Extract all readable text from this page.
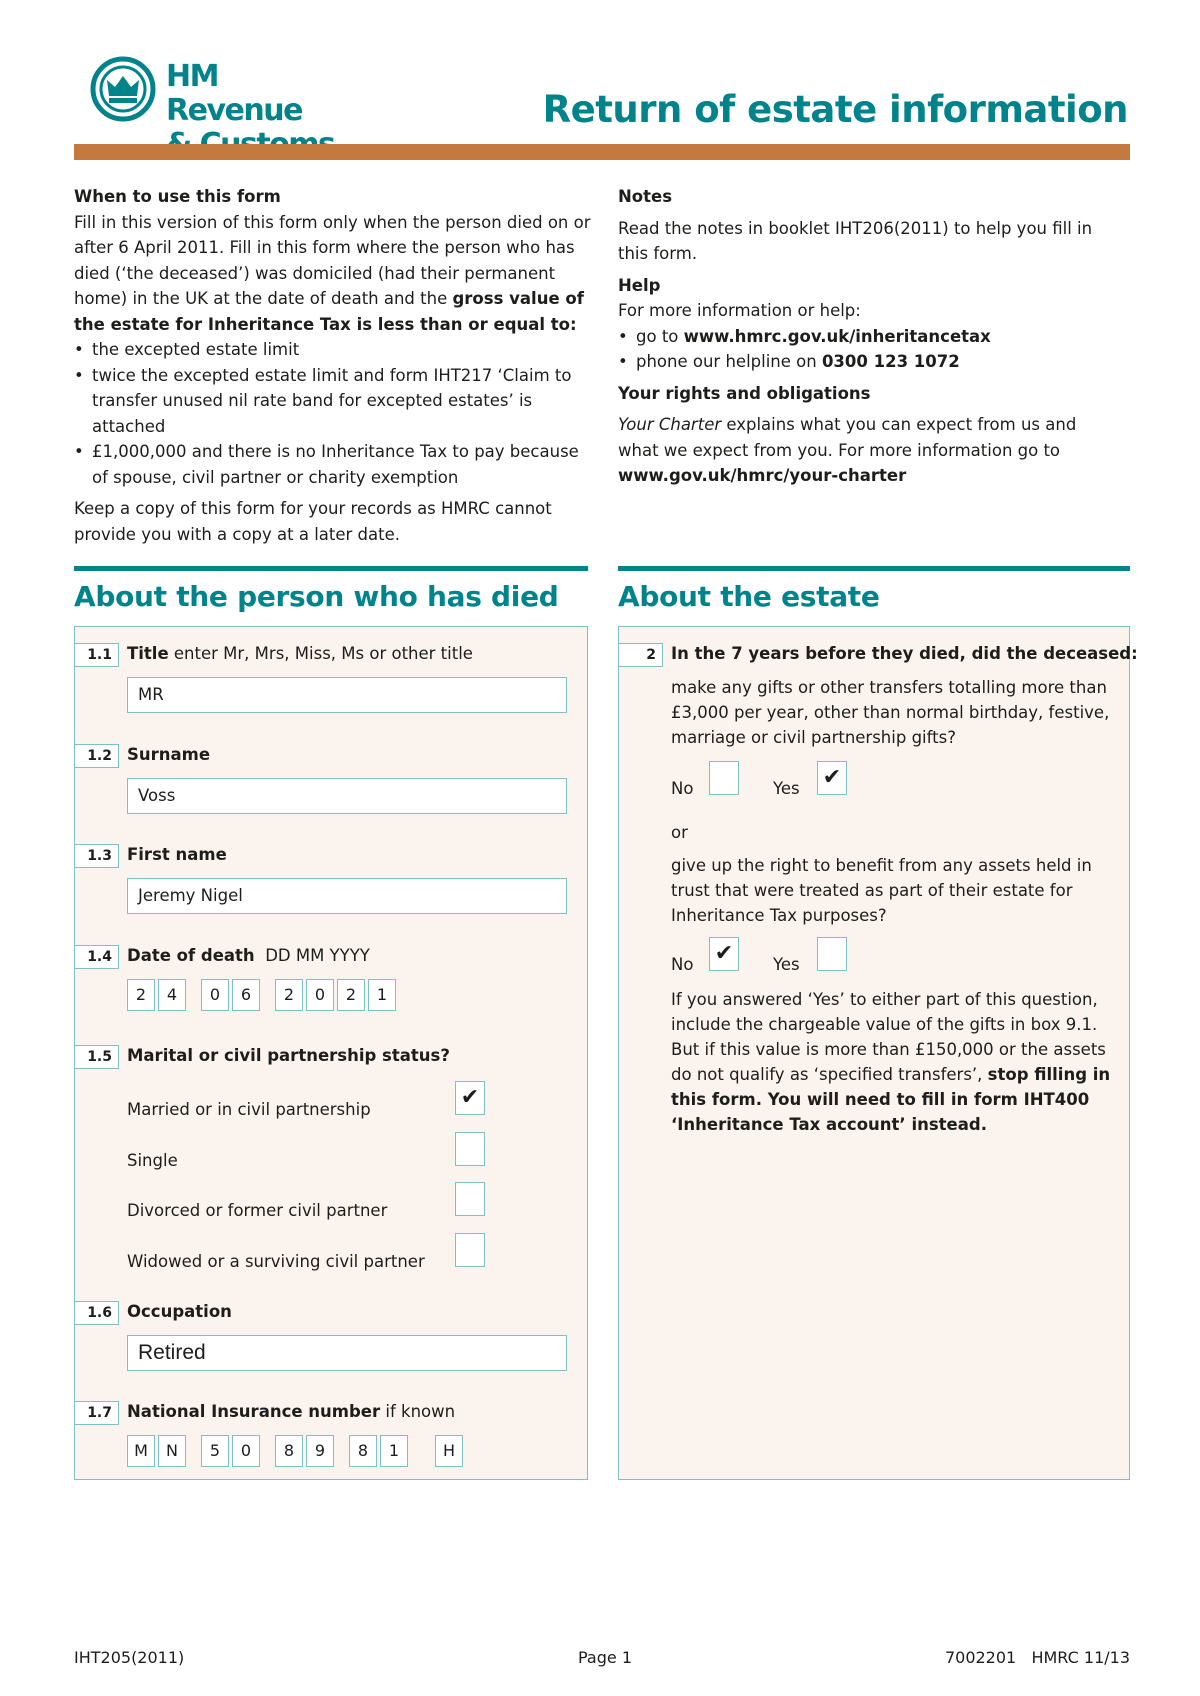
HM Revenue	Return of estate information
When to use this form

Fill in this version of this form only when the person died on or after 6 April 2011. Fill in this form where the person who has died (‘the deceased’) was domiciled (had their permanent home) in the UK at the date of death and the gross value of the estate for Inheritance Tax is less than or equal to:

• the excepted estate limit
• twice the excepted estate limit and form IHT217 ‘Claim to transfer unused nil rate band for excepted estates’ is attached
• £1,000,000 and there is no Inheritance Tax to pay because of spouse, civil partner or charity exemption

Keep a copy of this form for your records as HMRC cannot provide you with a copy at a later date.

Notes

Read the notes in booklet IHT206(2011) to help you fill in this form.

Help

For more information or help:

• go to www.hmrc.gov.uk/inheritancetax
• phone our helpline on 0300 123 1072
Your rights and obligations

Your Charter explains what you can expect from us and what we expect from you. For more information go to www.gov.uk/hmrc/your-charter

About the person who has died
1.1 Title enter Mr, Mrs, Miss, Ms or other title
MR
1.2 Surname
Voss
1.3 First name
Jeremy Nigel
1.4 Date of death DD MM YYYY
2	4	0	6	2	0	2	1
1.5 Marital or civil partnership status?
Married or in civil partnership	✔
Single
Divorced or former civil partner
Widowed or a surviving civil partner
1.6 Occupation
Retired
1.7 National Insurance number if known
M	N	5	0	8	9	8	1	H
About the estate
2 In the 7 years before they died, did the deceased:
make any gifts or other transfers totalling more than £3,000 per year, other than normal birthday, festive, marriage or civil partnership gifts?
No	Yes ✔
or
give up the right to benefit from any assets held in trust that were treated as part of their estate for Inheritance Tax purposes?
No ✔	Yes
If you answered ‘Yes’ to either part of this question, include the chargeable value of the gifts in box 9.1. But if this value is more than £150,000 or the assets do not qualify as ‘specified transfers’, stop filling in this form. You will need to fill in form IHT400 ‘Inheritance Tax account’ instead.
IHT205(2011)	Page 1	7002201   HMRC 11/13
